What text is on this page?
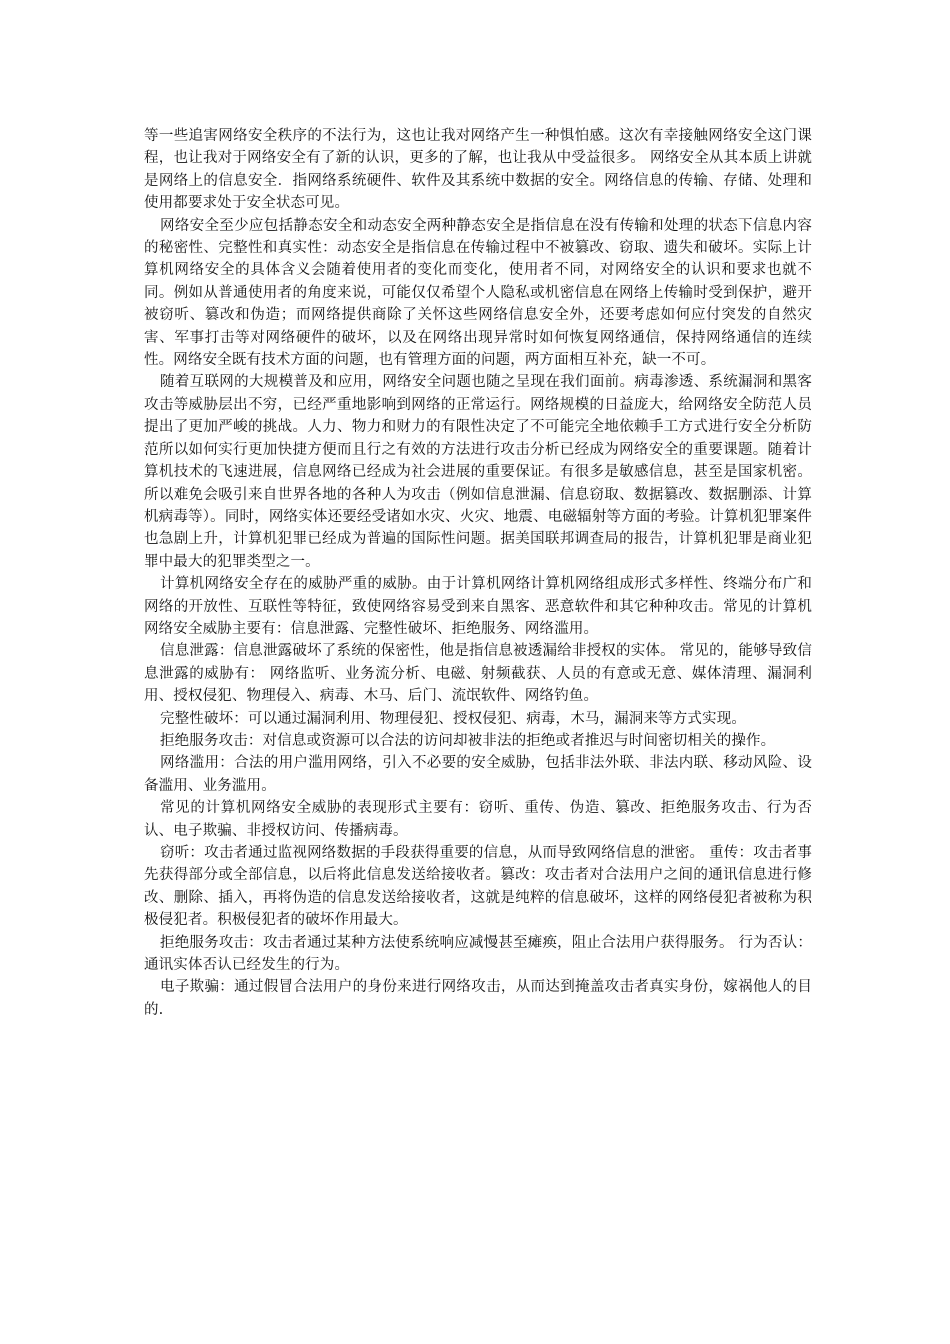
等一些追害网络安全秩序的不法行为，这也让我对网络产生一种惧怕感。这次有幸接触网络安全这门课程，也让我对于网络安全有了新的认识，更多的了解，也让我从中受益很多。 网络安全从其本质上讲就是网络上的信息安全．指网络系统硬件、软件及其系统中数据的安全。网络信息的传输、存储、处理和使用都要求处于安全状态可见。

网络安全至少应包括静态安全和动态安全两种静态安全是指信息在没有传输和处理的状态下信息内容的秘密性、完整性和真实性：动态安全是指信息在传输过程中不被篡改、窃取、遗失和破坏。实际上计算机网络安全的具体含义会随着使用者的变化而变化，使用者不同，对网络安全的认识和要求也就不同。例如从普通使用者的角度来说，可能仅仅希望个人隐私或机密信息在网络上传输时受到保护，避开被窃听、篡改和伪造；而网络提供商除了关怀这些网络信息安全外，还要考虑如何应付突发的自然灾害、军事打击等对网络硬件的破坏，以及在网络出现异常时如何恢复网络通信，保持网络通信的连续性。网络安全既有技术方面的问题，也有管理方面的问题，两方面相互补充，缺一不可。

随着互联网的大规模普及和应用，网络安全问题也随之呈现在我们面前。病毒渗透、系统漏洞和黑客攻击等威胁层出不穷，已经严重地影响到网络的正常运行。网络规模的日益庞大，给网络安全防范人员提出了更加严峻的挑战。人力、物力和财力的有限性决定了不可能完全地依赖手工方式进行安全分析防范所以如何实行更加快捷方便而且行之有效的方法进行攻击分析已经成为网络安全的重要课题。随着计算机技术的飞速进展，信息网络已经成为社会进展的重要保证。有很多是敏感信息，甚至是国家机密。所以难免会吸引来自世界各地的各种人为攻击（例如信息泄漏、信息窃取、数据篡改、数据删添、计算机病毒等）。同时，网络实体还要经受诸如水灾、火灾、地震、电磁辐射等方面的考验。计算机犯罪案件也急剧上升，计算机犯罪已经成为普遍的国际性问题。据美国联邦调查局的报告，计算机犯罪是商业犯罪中最大的犯罪类型之一。

计算机网络安全存在的威胁严重的威胁。由于计算机网络计算机网络组成形式多样性、终端分布广和网络的开放性、互联性等特征，致使网络容易受到来自黑客、恶意软件和其它种种攻击。常见的计算机网络安全威胁主要有：信息泄露、完整性破坏、拒绝服务、网络滥用。

信息泄露：信息泄露破坏了系统的保密性，他是指信息被透漏给非授权的实体。 常见的，能够导致信息泄露的威胁有： 网络监听、业务流分析、电磁、射频截获、人员的有意或无意、媒体清理、漏洞利用、授权侵犯、物理侵入、病毒、木马、后门、流氓软件、网络钓鱼。

完整性破坏：可以通过漏洞利用、物理侵犯、授权侵犯、病毒，木马，漏洞来等方式实现。

拒绝服务攻击：对信息或资源可以合法的访问却被非法的拒绝或者推迟与时间密切相关的操作。

网络滥用：合法的用户滥用网络，引入不必要的安全威胁，包括非法外联、非法内联、移动风险、设备滥用、业务滥用。

常见的计算机网络安全威胁的表现形式主要有：窃听、重传、伪造、篡改、拒绝服务攻击、行为否认、电子欺骗、非授权访问、传播病毒。

窃听：攻击者通过监视网络数据的手段获得重要的信息，从而导致网络信息的泄密。 重传：攻击者事先获得部分或全部信息，以后将此信息发送给接收者。篡改：攻击者对合法用户之间的通讯信息进行修改、删除、插入，再将伪造的信息发送给接收者，这就是纯粹的信息破坏，这样的网络侵犯者被称为积极侵犯者。积极侵犯者的破坏作用最大。

拒绝服务攻击：攻击者通过某种方法使系统响应减慢甚至瘫痪，阻止合法用户获得服务。 行为否认：通讯实体否认已经发生的行为。

电子欺骗：通过假冒合法用户的身份来进行网络攻击，从而达到掩盖攻击者真实身份，嫁祸他人的目的.
